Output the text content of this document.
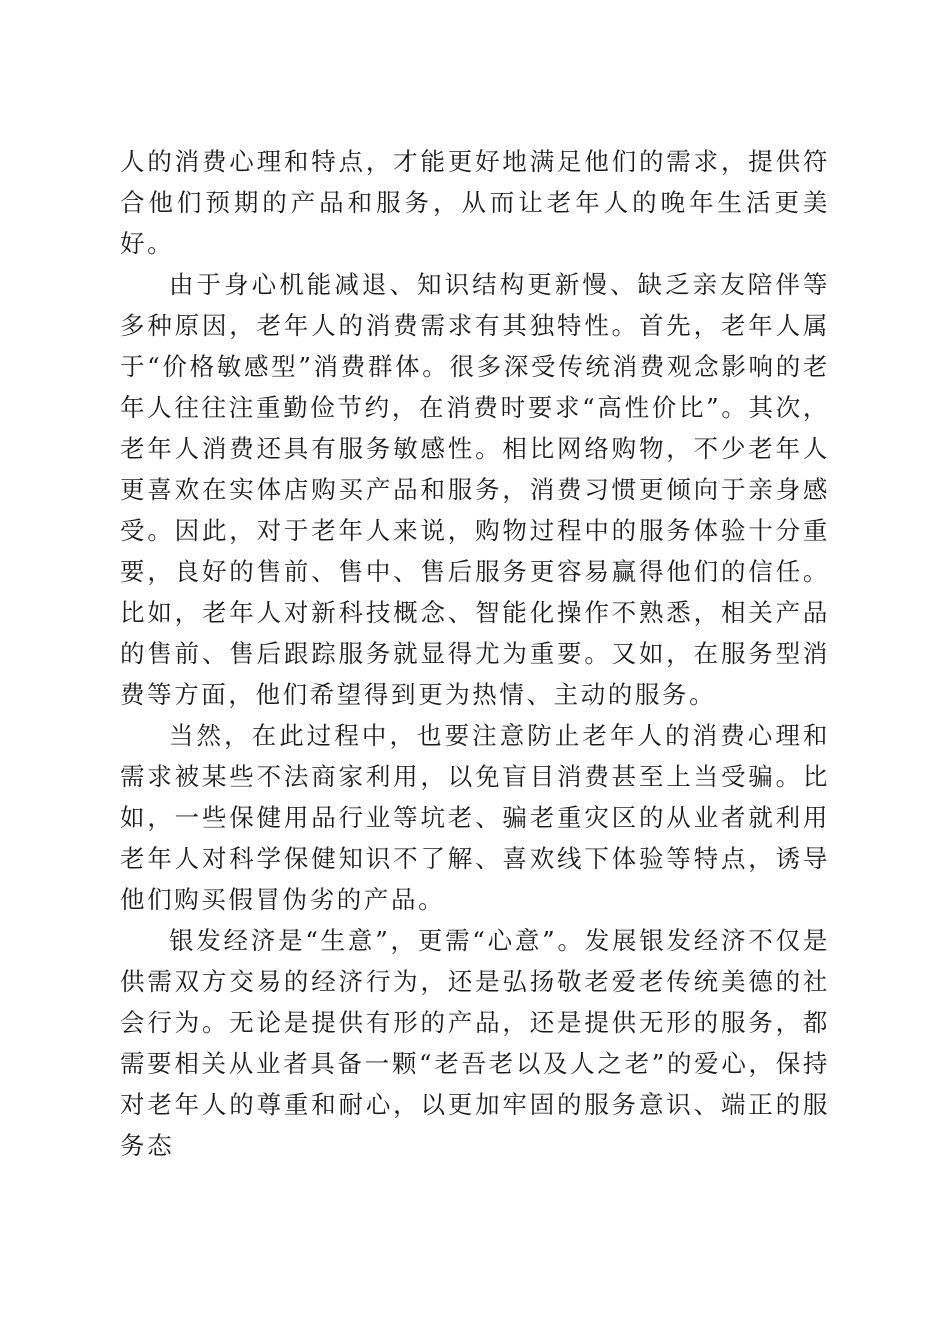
人的消费心理和特点，才能更好地满足他们的需求，提供符合他们预期的产品和服务，从而让老年人的晚年生活更美好。

由于身心机能减退、知识结构更新慢、缺乏亲友陪伴等多种原因，老年人的消费需求有其独特性。首先，老年人属于“价格敏感型”消费群体。很多深受传统消费观念影响的老年人往往注重勤俭节约，在消费时要求“高性价比”。其次，老年人消费还具有服务敏感性。相比网络购物，不少老年人更喜欢在实体店购买产品和服务，消费习惯更倾向于亲身感受。因此，对于老年人来说，购物过程中的服务体验十分重要，良好的售前、售中、售后服务更容易赢得他们的信任。比如，老年人对新科技概念、智能化操作不熟悉，相关产品的售前、售后跟踪服务就显得尤为重要。又如，在服务型消费等方面，他们希望得到更为热情、主动的服务。

当然，在此过程中，也要注意防止老年人的消费心理和需求被某些不法商家利用，以免盲目消费甚至上当受骗。比如，一些保健用品行业等坑老、骗老重灾区的从业者就利用老年人对科学保健知识不了解、喜欢线下体验等特点，诱导他们购买假冒伪劣的产品。

银发经济是“生意”，更需“心意”。发展银发经济不仅是供需双方交易的经济行为，还是弘扬敬老爱老传统美德的社会行为。无论是提供有形的产品，还是提供无形的服务，都需要相关从业者具备一颗“老吾老以及人之老”的爱心，保持对老年人的尊重和耐心，以更加牢固的服务意识、端正的服务态
